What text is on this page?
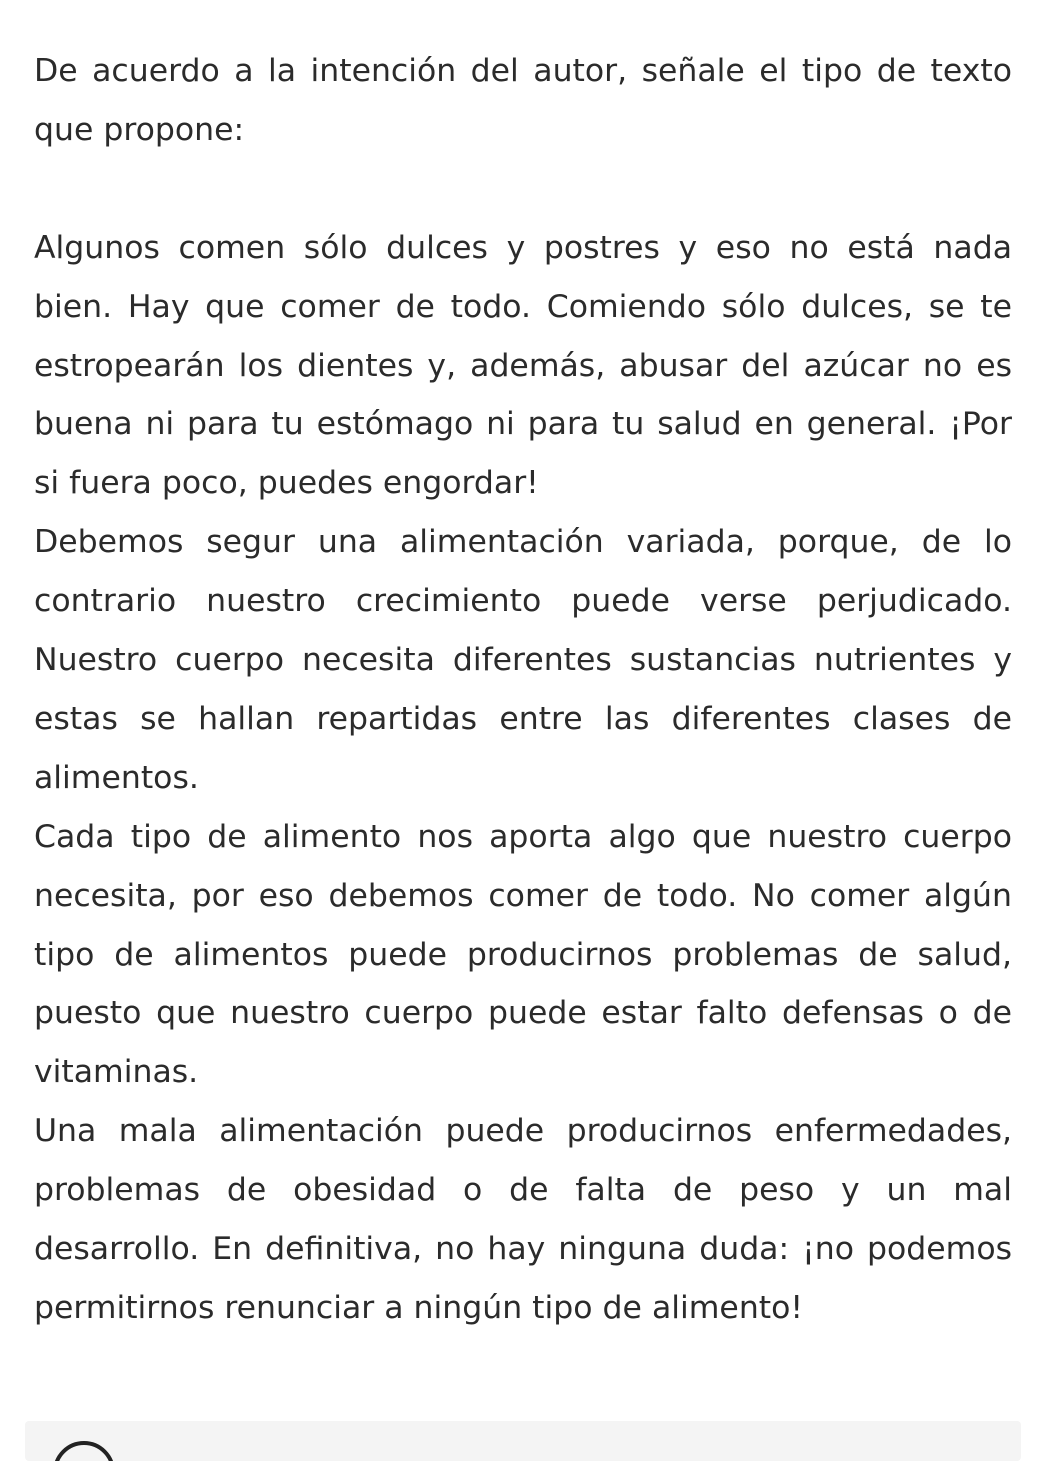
De acuerdo a la intención del autor, señale el tipo de texto que propone:

Algunos comen sólo dulces y postres y eso no está nada bien. Hay que comer de todo. Comiendo sólo dulces, se te estropearán los dientes y, además, abusar del azúcar no es buena ni para tu estómago ni para tu salud en general. ¡Por si fuera poco, puedes engordar!

Debemos segur una alimentación variada, porque, de lo contrario nuestro crecimiento puede verse perjudicado. Nuestro cuerpo necesita diferentes sustancias nutrientes y estas se hallan repartidas entre las diferentes clases de alimentos.

Cada tipo de alimento nos aporta algo que nuestro cuerpo necesita, por eso debemos comer de todo. No comer algún tipo de alimentos puede producirnos problemas de salud, puesto que nuestro cuerpo puede estar falto defensas o de vitaminas.

Una mala alimentación puede producirnos enfermedades, problemas de obesidad o de falta de peso y un mal desarrollo. En definitiva, no hay ninguna duda: ¡no podemos permitirnos renunciar a ningún tipo de alimento!
